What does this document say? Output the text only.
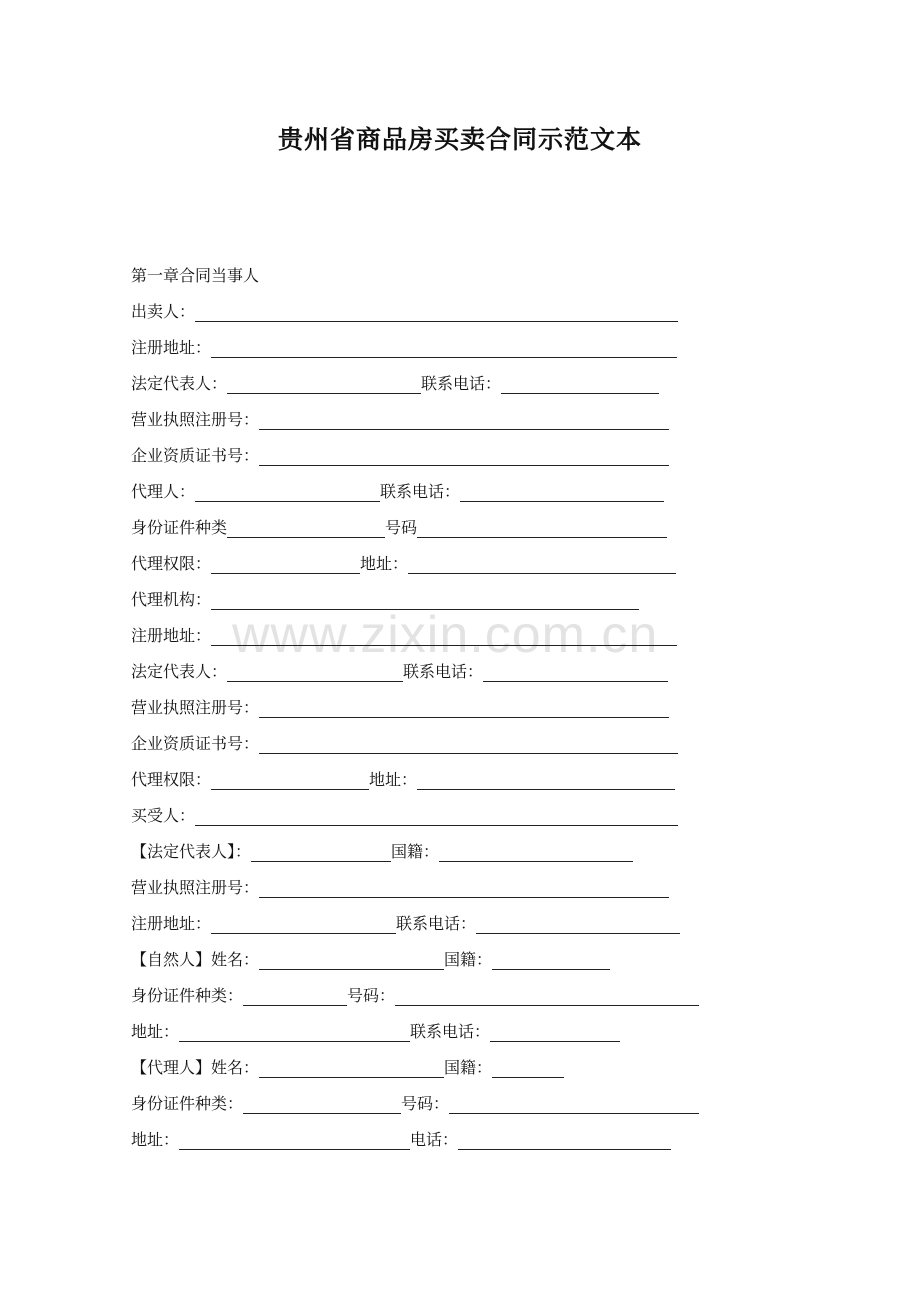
贵州省商品房买卖合同示范文本
www.zixin.com.cn
第一章合同当事人
出卖人：
注册地址：
法定代表人：	联系电话：
营业执照注册号：
企业资质证书号：
代理人：	联系电话：
身份证件种类	号码
代理权限：	地址：
代理机构：
注册地址：
法定代表人：	联系电话：
营业执照注册号：
企业资质证书号：
代理权限：	地址：
买受人：
【法定代表人】：	国籍：
营业执照注册号：
注册地址：	联系电话：
【自然人】姓名：	国籍：
身份证件种类：	号码：
地址：	联系电话：
【代理人】姓名：	国籍：
身份证件种类：	号码：
地址：	电话：
